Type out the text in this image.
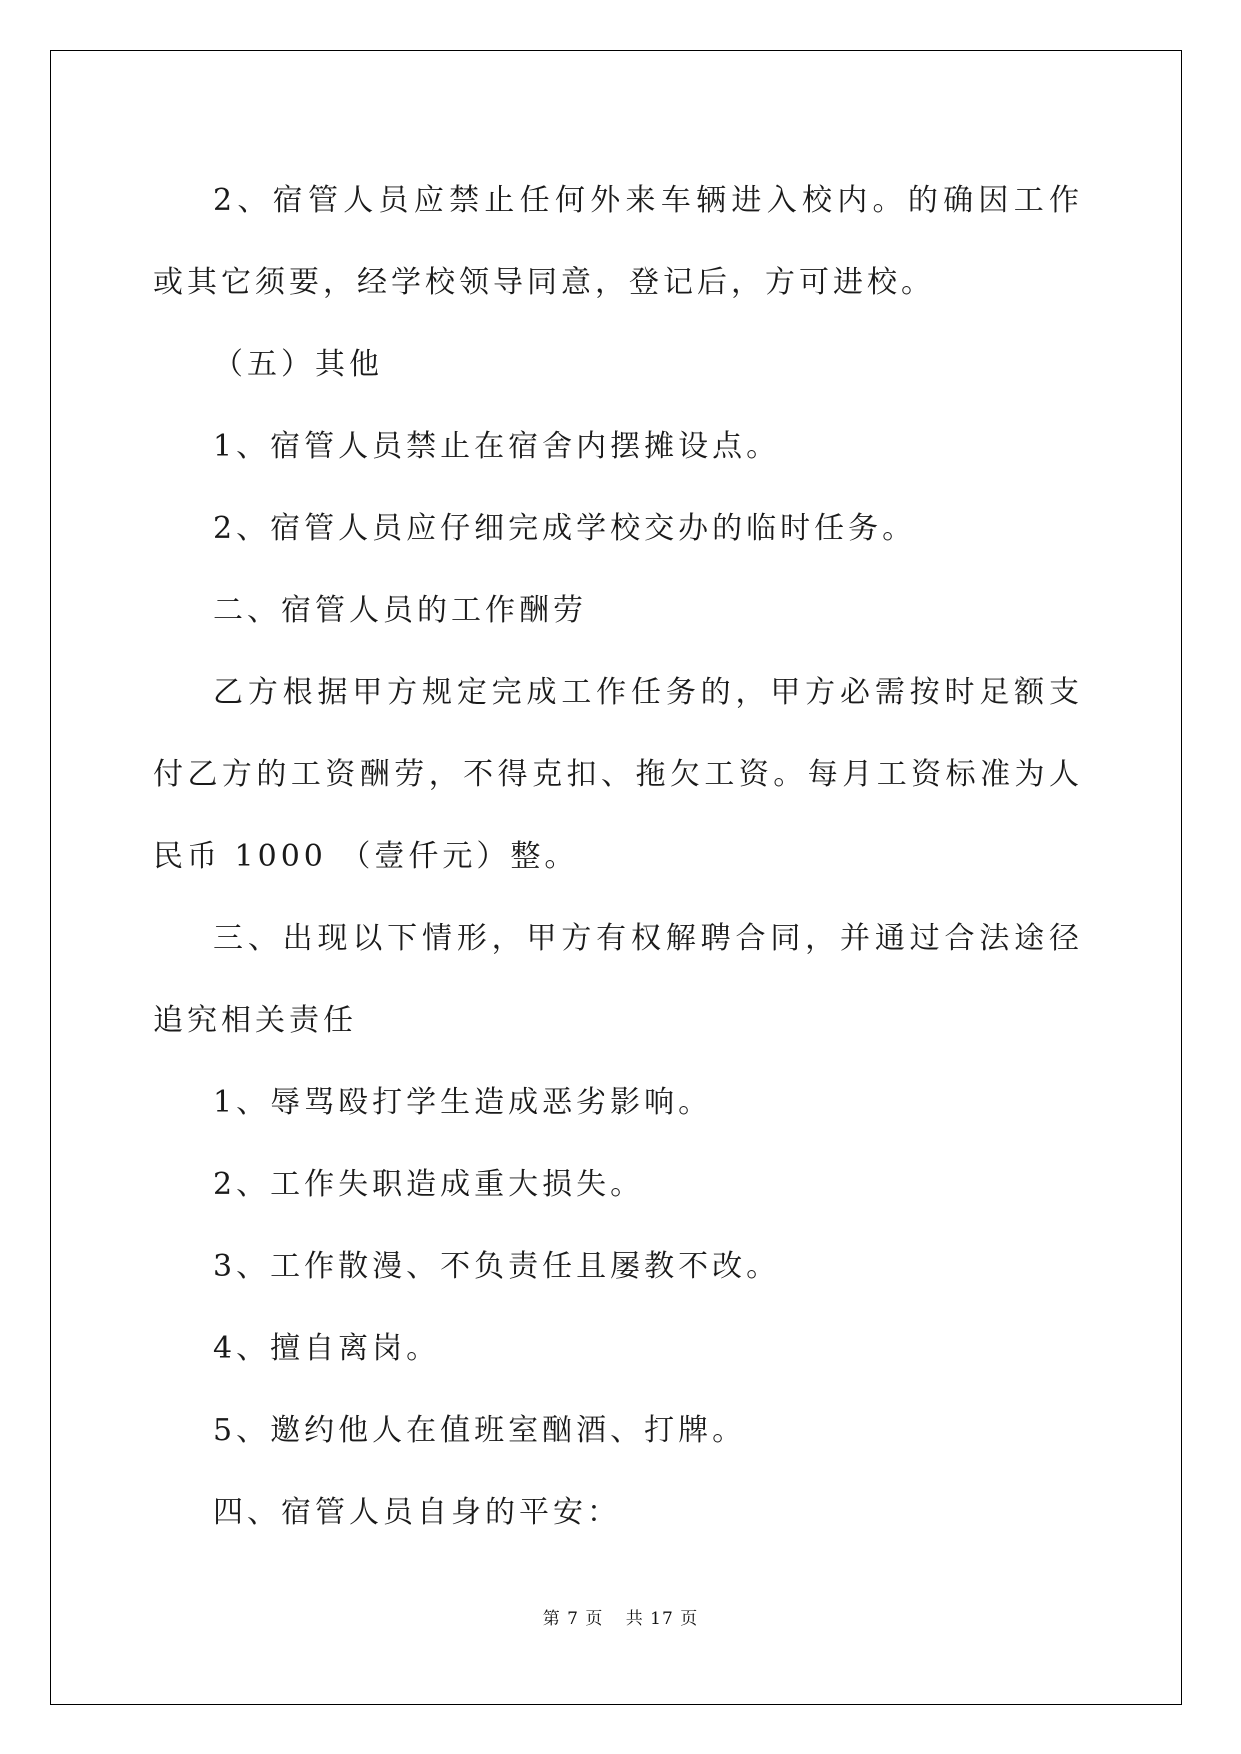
2、宿管人员应禁止任何外来车辆进入校内。的确因工作或其它须要，经学校领导同意，登记后，方可进校。

（五）其他

1、宿管人员禁止在宿舍内摆摊设点。

2、宿管人员应仔细完成学校交办的临时任务。

二、宿管人员的工作酬劳

乙方根据甲方规定完成工作任务的，甲方必需按时足额支付乙方的工资酬劳，不得克扣、拖欠工资。每月工资标准为人民币 1000 （壹仟元）整。

三、出现以下情形，甲方有权解聘合同，并通过合法途径追究相关责任

1、辱骂殴打学生造成恶劣影响。

2、工作失职造成重大损失。

3、工作散漫、不负责任且屡教不改。

4、擅自离岗。

5、邀约他人在值班室酗酒、打牌。

四、宿管人员自身的平安：

第 7 页 共 17 页
